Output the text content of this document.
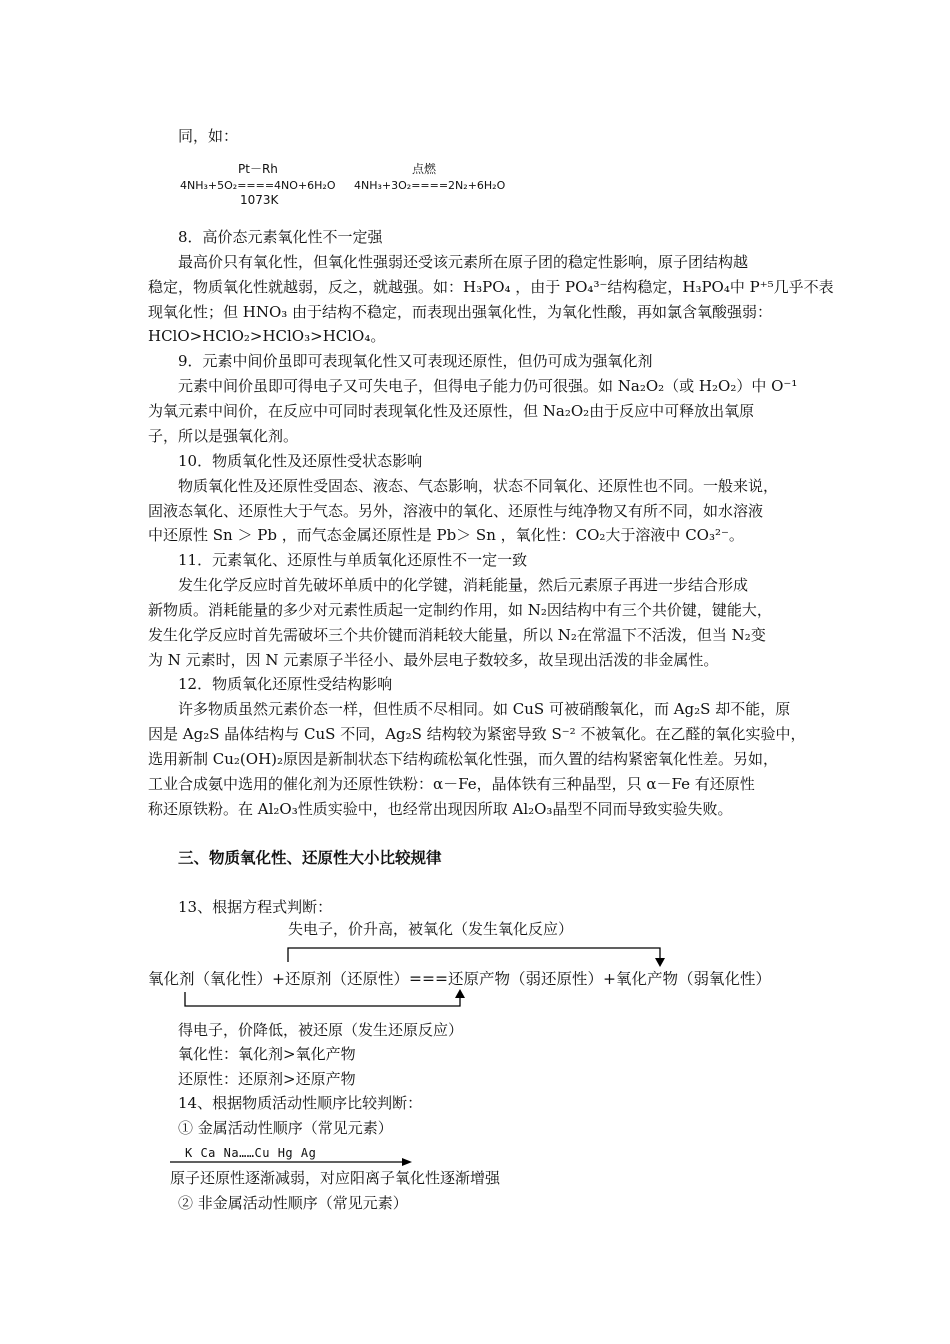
同，如：
Pt－Rh
4NH₃+5O₂====4NO+6H₂O
1073K
点燃
4NH₃+3O₂====2N₂+6H₂O
8．高价态元素氧化性不一定强
最高价只有氧化性，但氧化性强弱还受该元素所在原子团的稳定性影响，原子团结构越
稳定，物质氧化性就越弱，反之，就越强。如：H₃PO₄ ，由于 PO₄³⁻结构稳定，H₃PO₄中 P⁺⁵几乎不表
现氧化性；但 HNO₃ 由于结构不稳定，而表现出强氧化性，为氧化性酸，再如氯含氧酸强弱：
HClO>HClO₂>HClO₃>HClO₄。
9．元素中间价虽即可表现氧化性又可表现还原性，但仍可成为强氧化剂
元素中间价虽即可得电子又可失电子，但得电子能力仍可很强。如 Na₂O₂（或 H₂O₂）中 O⁻¹
为氧元素中间价，在反应中可同时表现氧化性及还原性，但 Na₂O₂由于反应中可释放出氧原
子，所以是强氧化剂。
10．物质氧化性及还原性受状态影响
物质氧化性及还原性受固态、液态、气态影响，状态不同氧化、还原性也不同。一般来说，
固液态氧化、还原性大于气态。另外，溶液中的氧化、还原性与纯净物又有所不同，如水溶液
中还原性 Sn ＞ Pb ，而气态金属还原性是 Pb＞ Sn ，氧化性：CO₂大于溶液中 CO₃²⁻。
11．元素氧化、还原性与单质氧化还原性不一定一致
发生化学反应时首先破坏单质中的化学键，消耗能量，然后元素原子再进一步结合形成
新物质。消耗能量的多少对元素性质起一定制约作用，如 N₂因结构中有三个共价键，键能大，
发生化学反应时首先需破坏三个共价键而消耗较大能量，所以 N₂在常温下不活泼，但当 N₂变
为 N 元素时，因 N 元素原子半径小、最外层电子数较多，故呈现出活泼的非金属性。
12．物质氧化还原性受结构影响
许多物质虽然元素价态一样，但性质不尽相同。如 CuS 可被硝酸氧化，而 Ag₂S 却不能，原
因是 Ag₂S 晶体结构与 CuS 不同，Ag₂S 结构较为紧密导致 S⁻² 不被氧化。在乙醛的氧化实验中，
选用新制 Cu₂(OH)₂原因是新制状态下结构疏松氧化性强，而久置的结构紧密氧化性差。另如，
工业合成氨中选用的催化剂为还原性铁粉：α－Fe，晶体铁有三种晶型，只 α－Fe 有还原性
称还原铁粉。在 Al₂O₃性质实验中，也经常出现因所取 Al₂O₃晶型不同而导致实验失败。
三、物质氧化性、还原性大小比较规律
13、根据方程式判断：
失电子，价升高，被氧化（发生氧化反应）
氧化剂（氧化性）+还原剂（还原性）===还原产物（弱还原性）+氧化产物（弱氧化性）
得电子，价降低，被还原（发生还原反应）
氧化性：氧化剂>氧化产物
还原性：还原剂>还原产物
14、根据物质活动性顺序比较判断：
① 金属活动性顺序（常见元素）
K Ca Na……Cu Hg Ag
原子还原性逐渐减弱，对应阳离子氧化性逐渐增强
② 非金属活动性顺序（常见元素）
